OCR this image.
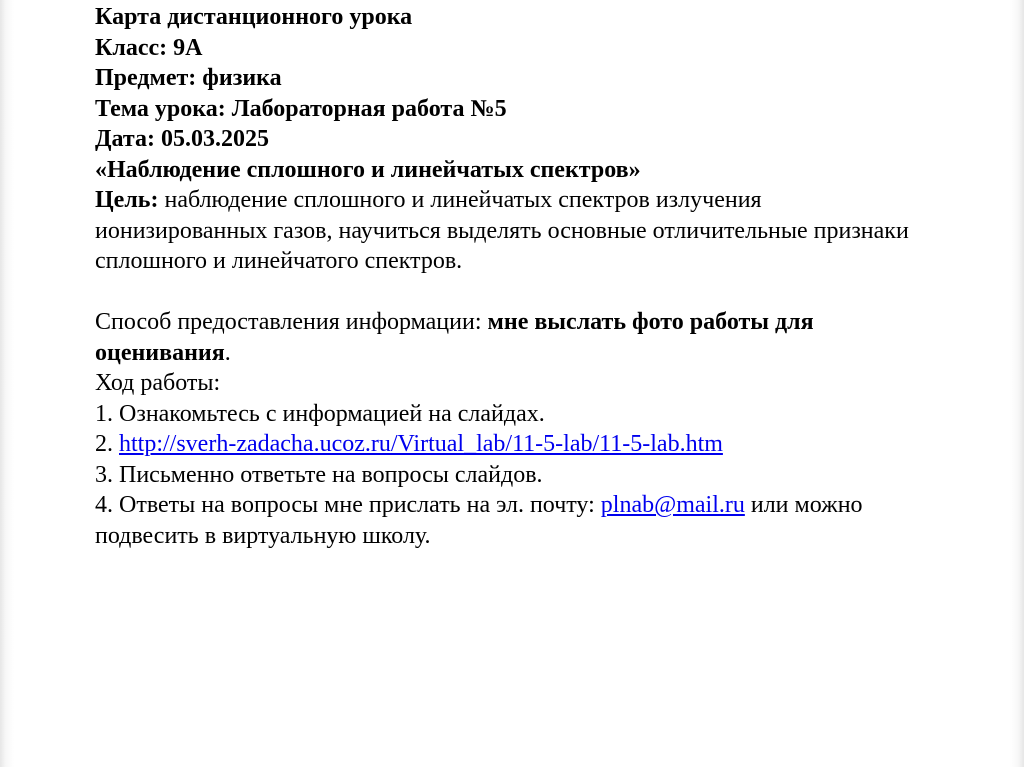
Карта дистанционного урока
Класс: 9А
Предмет: физика
Тема урока: Лабораторная работа №5
Дата: 05.03.2025
«Наблюдение сплошного и линейчатых спектров»
Цель: наблюдение сплошного и линейчатых спектров излучения
ионизированных газов, научиться выделять основные отличительные признаки
сплошного и линейчатого спектров.
Способ предоставления информации: мне выслать фото работы для
оценивания.
Ход работы:
1. Ознакомьтесь с информацией на слайдах.
2. http://sverh-zadacha.ucoz.ru/Virtual_lab/11-5-lab/11-5-lab.htm
3. Письменно ответьте на вопросы слайдов.
4. Ответы на вопросы мне прислать на эл. почту: plnab@mail.ru или можно
подвесить в виртуальную школу.
